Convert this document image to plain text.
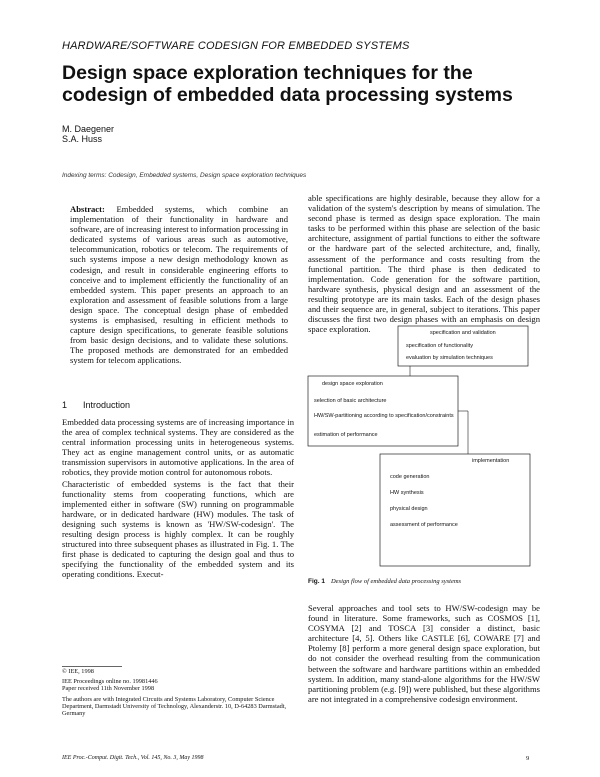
HARDWARE/SOFTWARE CODESIGN FOR EMBEDDED SYSTEMS
Design space exploration techniques for the
codesign of embedded data processing systems
M. Daegener
S.A. Huss
Indexing terms: Codesign, Embedded systems, Design space exploration techniques
Abstract: Embedded systems, which combine an implementation of their functionality in hardware and software, are of increasing interest to information processing in dedicated systems of various areas such as automotive, telecommunication, robotics or telecom. The requirements of such systems impose a new design methodology known as codesign, and result in considerable engineering efforts to conceive and to implement efficiently the functionality of an embedded system. This paper presents an approach to an exploration and assessment of feasible solutions from a large design space. The conceptual design phase of embedded systems is emphasised, resulting in efficient methods to capture design specifications, to generate feasible solutions from basic design decisions, and to validate these solutions. The proposed methods are demonstrated for an embedded system for telecom applications.
1 Introduction

Embedded data processing systems are of increasing importance in the area of complex technical systems. They are considered as the central information processing units in heterogeneous systems. They act as engine management control units, or as automatic transmission supervisors in automotive applications. In the area of robotics, they provide motion control for autonomous robots.

Characteristic of embedded systems is the fact that their functionality stems from cooperating functions, which are implemented either in software (SW) running on programmable hardware, or in dedicated hardware (HW) modules. The task of designing such systems is known as 'HW/SW-codesign'. The resulting design process is highly complex. It can be roughly structured into three subsequent phases as illustrated in Fig. 1. The first phase is dedicated to capturing the design goal and thus to specifying the functionality of the embedded system and its operating conditions. Execut-

© IEE, 1998
IEE Proceedings online no. 19981446
Paper received 11th November 1998
The authors are with Integrated Circuits and Systems Laboratory, Computer Science Department, Darmstadt University of Technology, Alexanderstr. 10, D-64283 Darmstadt, Germany
IEE Proc.-Comput. Digit. Tech., Vol. 145, No. 3, May 1998	9
able specifications are highly desirable, because they allow for a validation of the system's description by means of simulation. The second phase is termed as design space exploration. The main tasks to be performed within this phase are selection of the basic architecture, assignment of partial functions to either the software or the hardware part of the selected architecture, and, finally, assessment of the performance and costs resulting from the functional partition. The third phase is then dedicated to implementation. Code generation for the software partition, hardware synthesis, physical design and an assessment of the resulting prototype are its main tasks. Each of the design phases and their sequence are, in general, subject to iterations. This paper discusses the first two design phases with an emphasis on design space exploration.	specification and validation
specification of functionality
evaluation by simulation techniques
design space exploration
selection of basic architecture
HW/SW-partitioning according to specification/constraints
estimation of performance
implementation
code generation
HW synthesis
physical design
assessment of performance
Fig. 1 Design flow of embedded data processing systems
Several approaches and tool sets to HW/SW-codesign may be found in literature. Some frameworks, such as COSMOS [1], COSYMA [2] and TOSCA [3] consider a distinct, basic architecture [4, 5]. Others like CASTLE [6], COWARE [7] and Ptolemy [8] perform a more general design space exploration, but do not consider the overhead resulting from the communication between the software and hardware partitions within an embedded system. In addition, many stand-alone algorithms for the HW/SW partitioning problem (e.g. [9]) were published, but these algorithms are not integrated in a comprehensive codesign environment.
